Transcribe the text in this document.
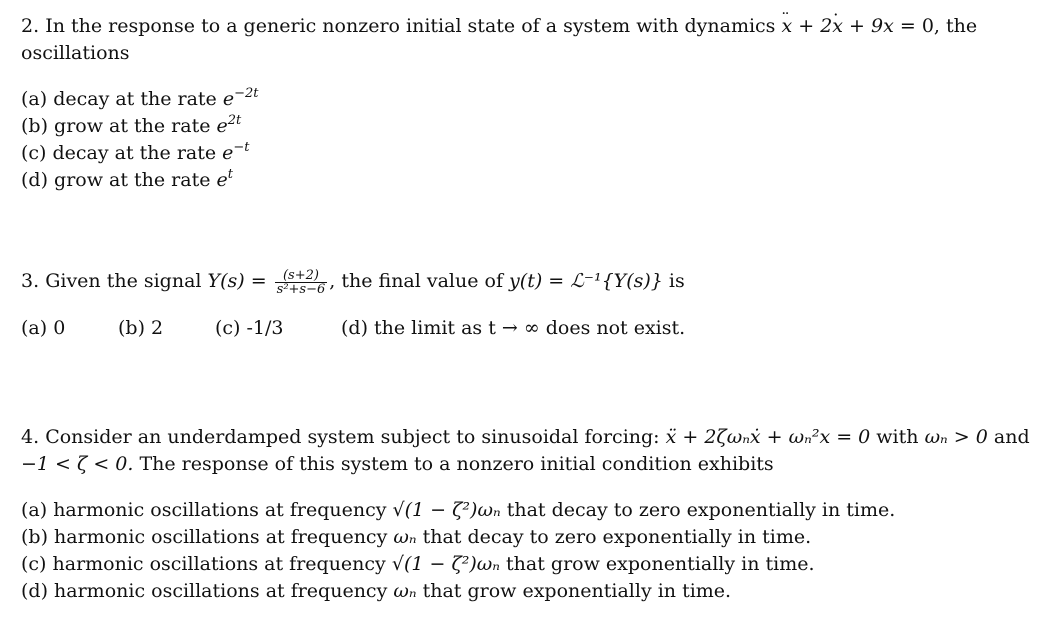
2. In the response to a generic nonzero initial state of a system with dynamics ·· x + 2· x + 9x = 0, the
oscillations
(a) decay at the rate $e^{-2t}$
(b) grow at the rate $e^{2t}$
(c) decay at the rate $e^{-t}$
(d) grow at the rate $e^t$
3. Given the signal $Y(s) = \frac{(s+2)}{\text{s²+s−6}}$ , the final value of y(t) = ℒ⁻¹{Y(s)} is
(a) 0	(b) 2	(c) -1/3	(d) the limit as t → ∞ does not exist.
4. Consider an underdamped system subject to sinusoidal forcing: ẍ + 2ζωₙẋ + ωₙ²x = 0 with ωₙ > 0 and
−1 < ζ < 0. The response of this system to a nonzero initial condition exhibits
(a) harmonic oscillations at frequency √(1 − ζ²)ωₙ that decay to zero exponentially in time.
(b) harmonic oscillations at frequency ωₙ that decay to zero exponentially in time.
(c) harmonic oscillations at frequency √(1 − ζ²)ωₙ that grow exponentially in time.
(d) harmonic oscillations at frequency ωₙ that grow exponentially in time.
